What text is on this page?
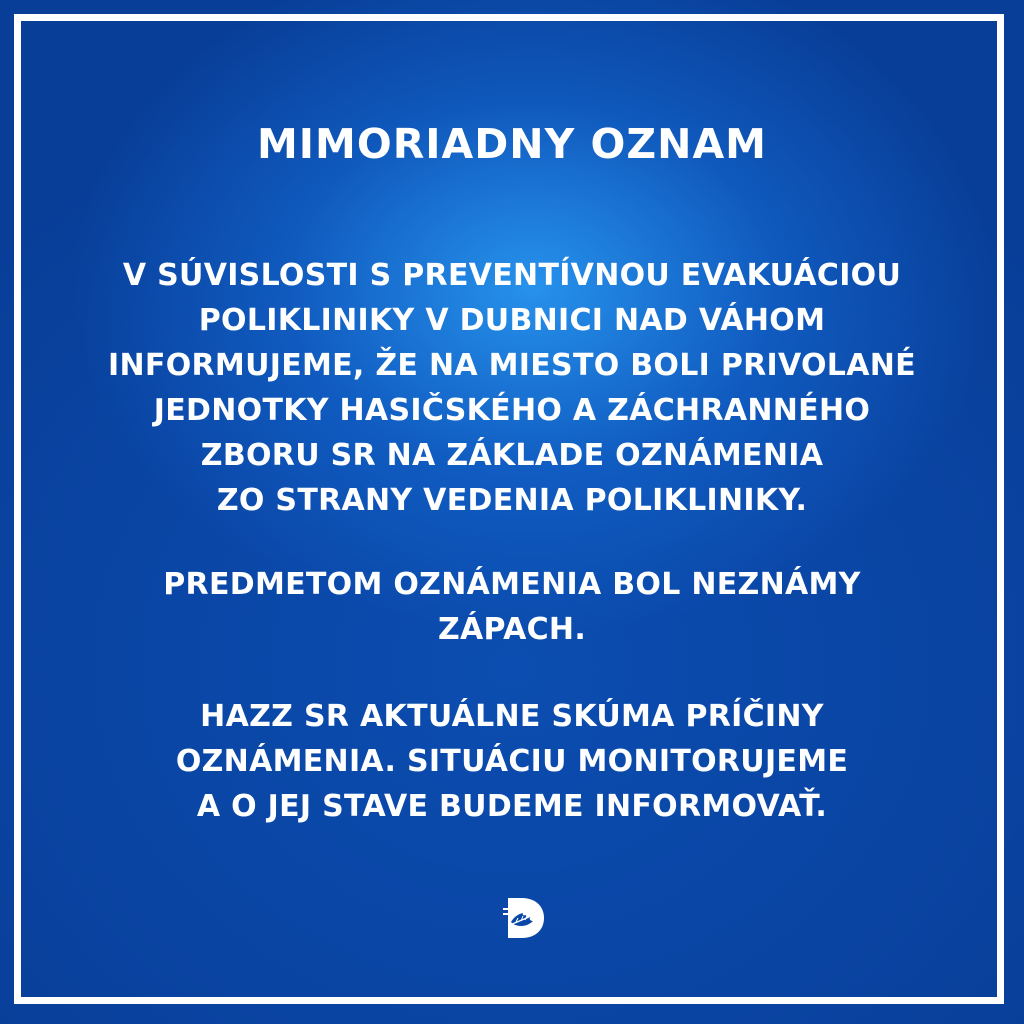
MIMORIADNY OZNAM
V SÚVISLOSTI S PREVENTÍVNOU EVAKUÁCIOU
POLIKLINIKY V DUBNICI NAD VÁHOM
INFORMUJEME, ŽE NA MIESTO BOLI PRIVOLANÉ
JEDNOTKY HASIČSKÉHO A ZÁCHRANNÉHO
ZBORU SR NA ZÁKLADE OZNÁMENIA
ZO STRANY VEDENIA POLIKLINIKY.
PREDMETOM OZNÁMENIA BOL NEZNÁMY
ZÁPACH.
HAZZ SR AKTUÁLNE SKÚMA PRÍČINY
OZNÁMENIA. SITUÁCIU MONITORUJEME
A O JEJ STAVE BUDEME INFORMOVAŤ.
